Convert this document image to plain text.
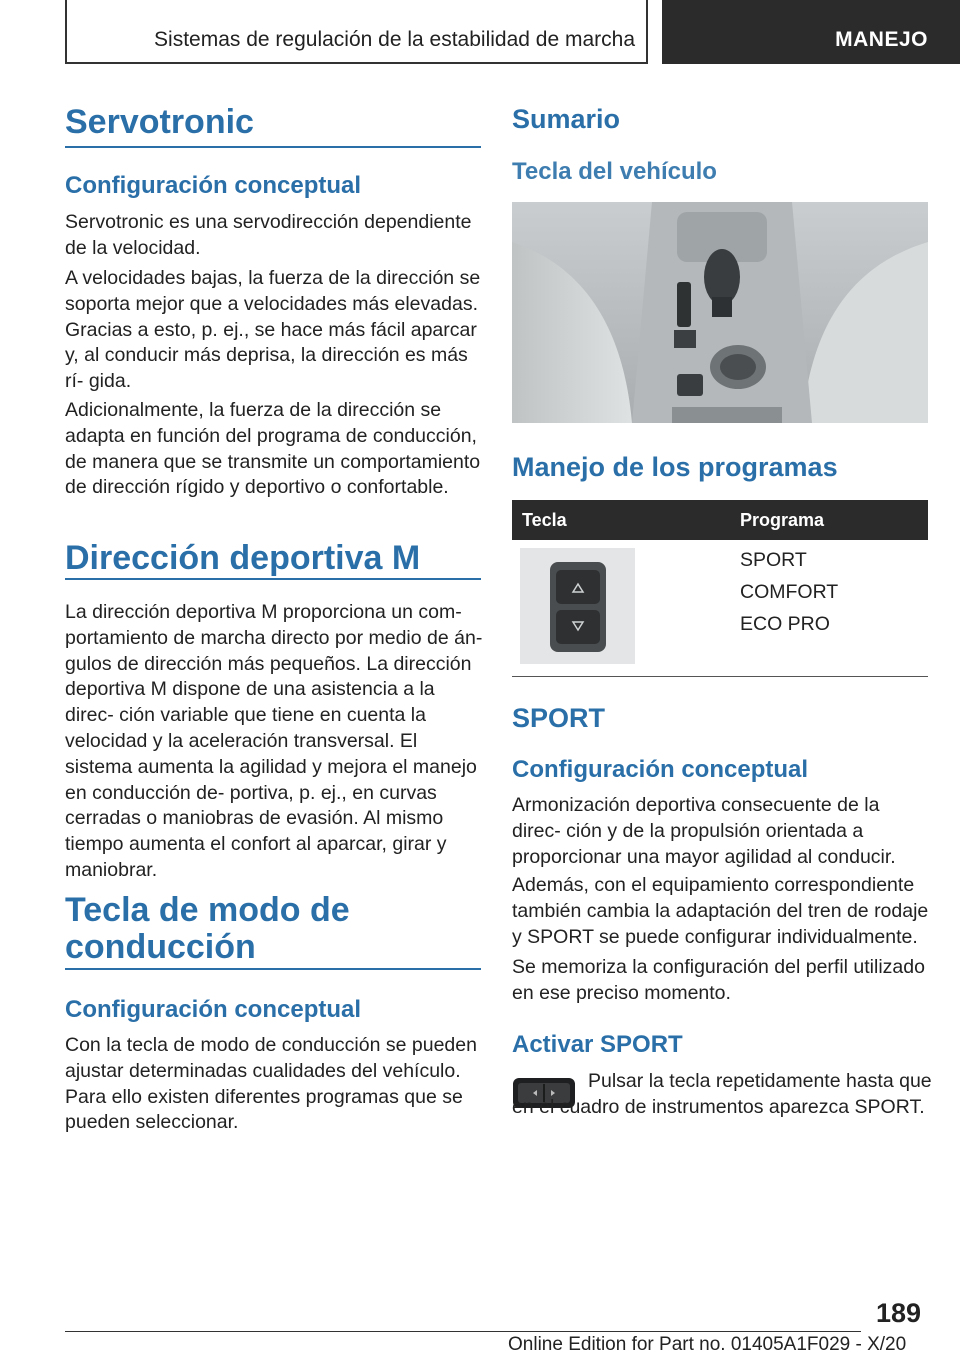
Sistemas de regulación de la estabilidad de marcha	MANEJO
Servotronic
Configuración conceptual

Servotronic es una servodirección dependiente de la velocidad.

A velocidades bajas, la fuerza de la dirección se soporta mejor que a velocidades más elevadas. Gracias a esto, p. ej., se hace más fácil aparcar y, al conducir más deprisa, la dirección es más rí‐ gida.

Adicionalmente, la fuerza de la dirección se adapta en función del programa de conducción, de manera que se transmite un comportamiento de dirección rígido y deportivo o confortable.

Dirección deportiva M

La dirección deportiva M proporciona un com‐ portamiento de marcha directo por medio de án‐ gulos de dirección más pequeños. La dirección deportiva M dispone de una asistencia a la direc‐ ción variable que tiene en cuenta la velocidad y la aceleración transversal. El sistema aumenta la agilidad y mejora el manejo en conducción de‐ portiva, p. ej., en curvas cerradas o maniobras de evasión. Al mismo tiempo aumenta el confort al aparcar, girar y maniobrar.

Tecla de modo de conducción
Configuración conceptual

Con la tecla de modo de conducción se pueden ajustar determinadas cualidades del vehículo. Para ello existen diferentes programas que se pueden seleccionar.

Sumario
Tecla del vehículo
Manejo de los programas
Tecla	Programa
SPORT
COMFORT
ECO PRO
SPORT
Configuración conceptual

Armonización deportiva consecuente de la direc‐ ción y de la propulsión orientada a proporcionar una mayor agilidad al conducir.

Además, con el equipamiento correspondiente también cambia la adaptación del tren de rodaje y SPORT se puede configurar individualmente.

Se memoriza la configuración del perfil utilizado en ese preciso momento.

Activar SPORT

Pulsar la tecla repetidamente hasta que en el cuadro de instrumentos aparezca SPORT.

189
Online Edition for Part no. 01405A1F029 - X/20
